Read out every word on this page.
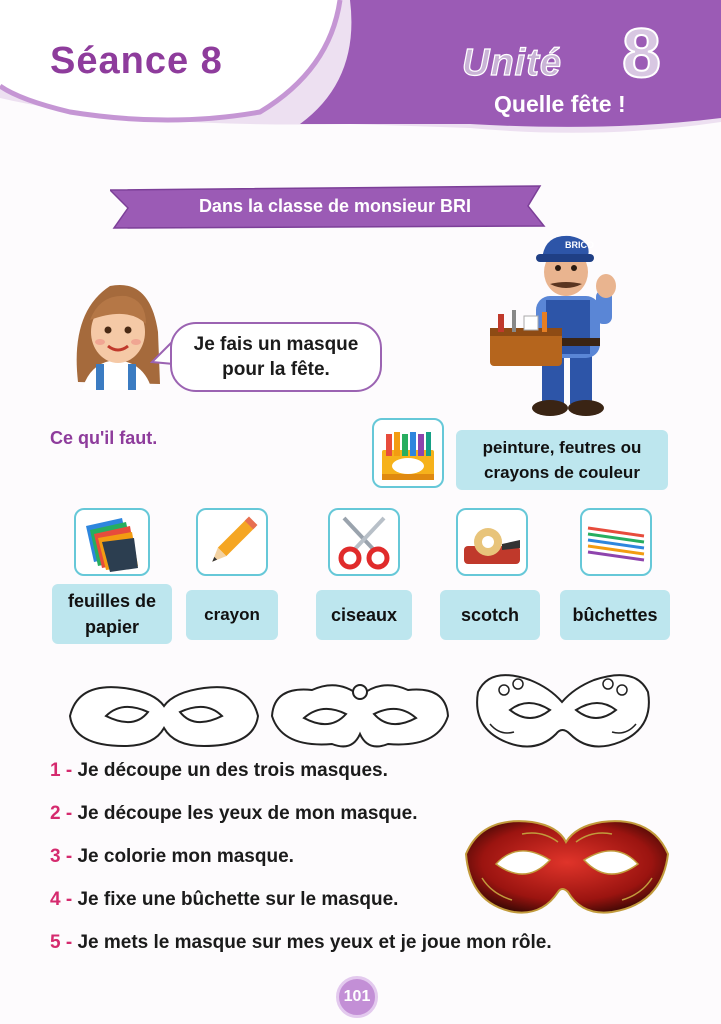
Séance 8	Unité 8
Quelle fête !
Dans la classe de monsieur BRI
Je fais un masque
pour la fête.
BRICO
Ce qu'il faut.	peinture, feutres ou
crayons de couleur
feuilles de
papier
crayon	ciseaux	scotch	bûchettes
1 - Je découpe un des trois masques.
2 - Je découpe les yeux de mon masque.
3 - Je colorie mon masque.
4 - Je fixe une bûchette sur le masque.
5 - Je mets le masque sur mes yeux et je joue mon rôle.
101
